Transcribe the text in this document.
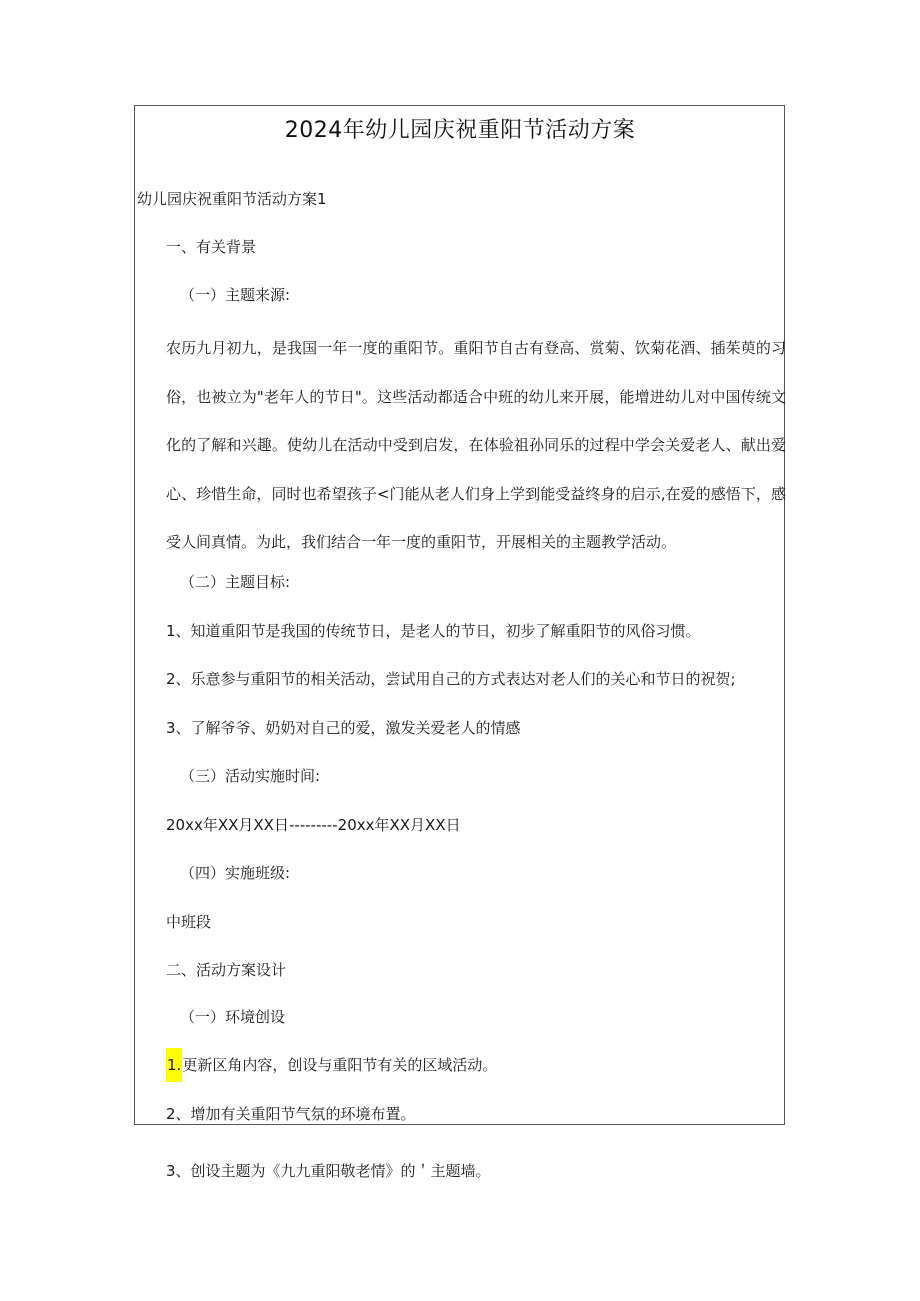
2024年幼儿园庆祝重阳节活动方案
幼儿园庆祝重阳节活动方案1
一、有关背景
（一）主题来源:
农历九月初九，是我国一年一度的重阳节。重阳节自古有登高、赏菊、饮菊花酒、插茱萸的习俗，也被立为"老年人的节日"。这些活动都适合中班的幼儿来开展，能增进幼儿对中国传统文化的了解和兴趣。使幼儿在活动中受到启发，在体验祖孙同乐的过程中学会关爱老人、献出爱心、珍惜生命，同时也希望孩子<门能从老人们身上学到能受益终身的启示,在爱的感悟下，感受人间真情。为此，我们结合一年一度的重阳节，开展相关的主题教学活动。
（二）主题目标:
1、知道重阳节是我国的传统节日，是老人的节日，初步了解重阳节的风俗习惯。
2、乐意参与重阳节的相关活动，尝试用自己的方式表达对老人们的关心和节日的祝贺;
3、了解爷爷、奶奶对自己的爱，激发关爱老人的情感
（三）活动实施时间:
20xx年XX月XX日---------20xx年XX月XX日
（四）实施班级:
中班段
二、活动方案设计
（一）环境创设
1.更新区角内容，创设与重阳节有关的区域活动。
2、增加有关重阳节气氛的环境布置。
3、创设主题为《九九重阳敬老情》的＇主题墙。
